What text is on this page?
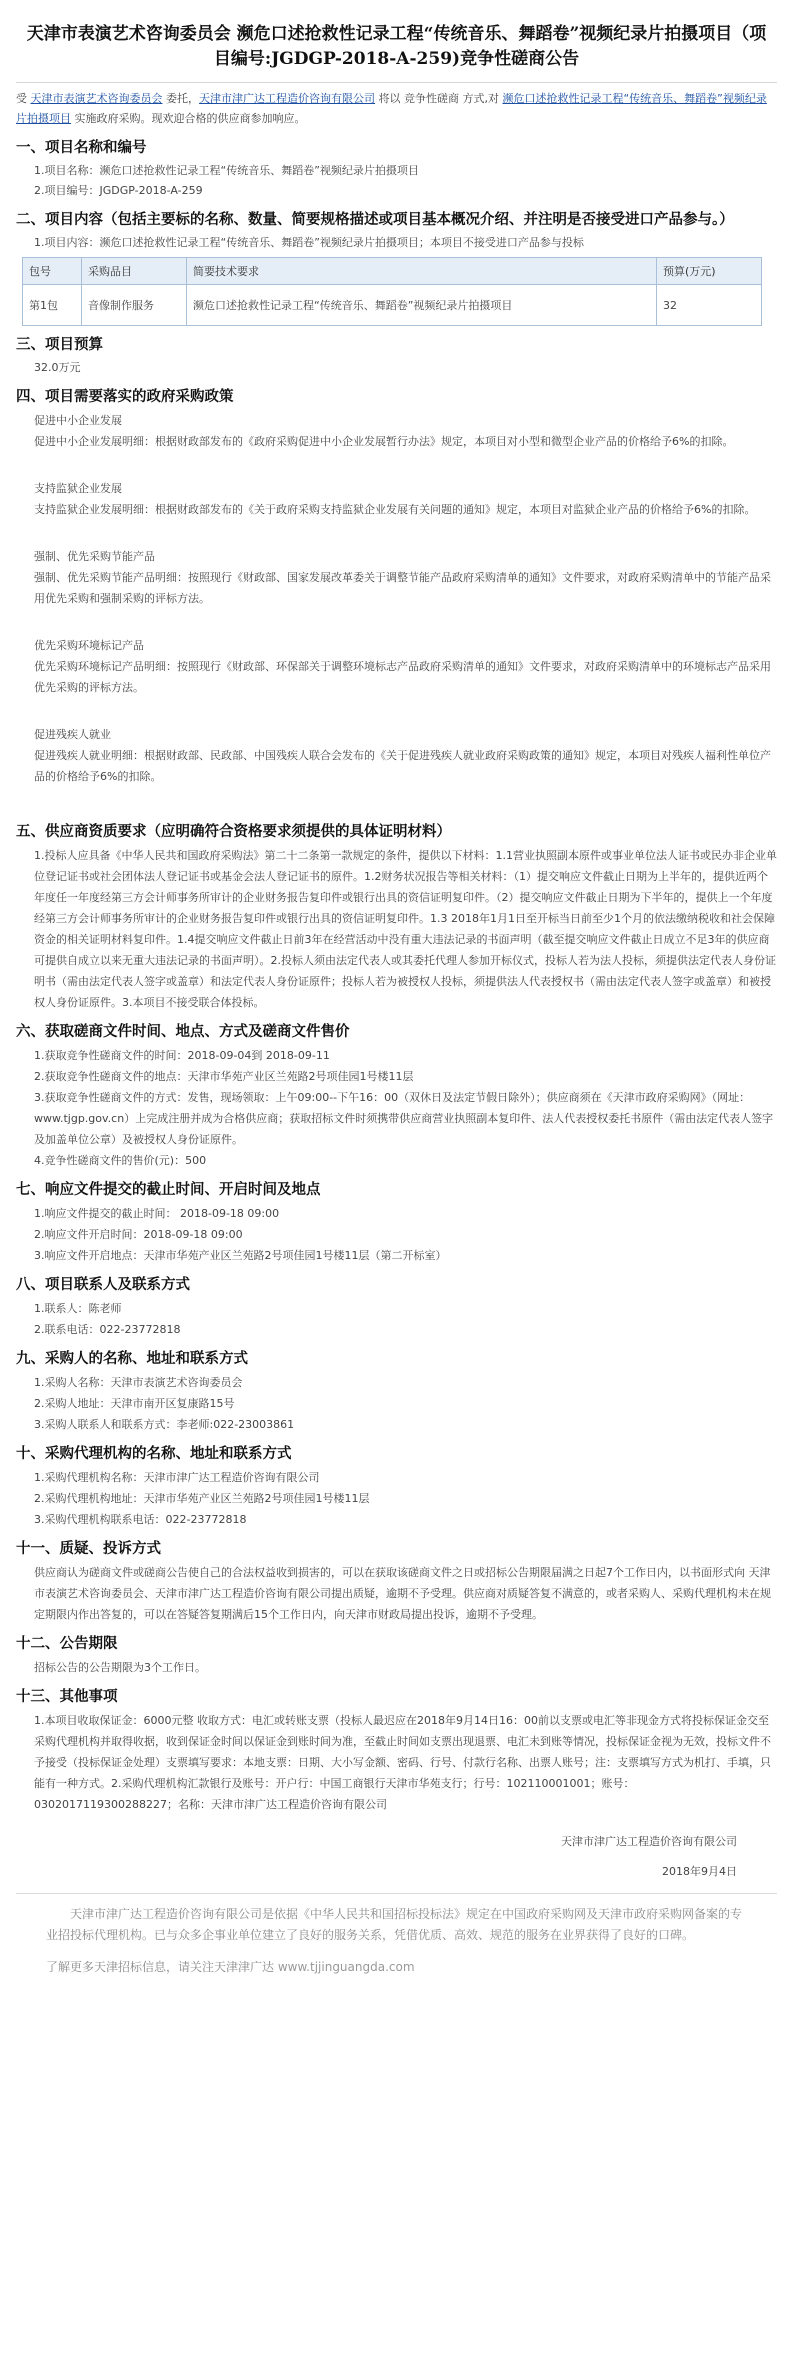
天津市表演艺术咨询委员会 濒危口述抢救性记录工程“传统音乐、舞蹈卷”视频纪录片拍摄项目（项目编号:JGDGP-2018-A-259)竞争性磋商公告

受 天津市表演艺术咨询委员会 委托，天津市津广达工程造价咨询有限公司 将以 竞争性磋商 方式,对 濒危口述抢救性记录工程“传统音乐、舞蹈卷”视频纪录片拍摄项目 实施政府采购。现欢迎合格的供应商参加响应。

一、项目名称和编号

1.项目名称：濒危口述抢救性记录工程“传统音乐、舞蹈卷”视频纪录片拍摄项目

2.项目编号：JGDGP-2018-A-259

二、项目内容（包括主要标的名称、数量、简要规格描述或项目基本概况介绍、并注明是否接受进口产品参与。）

1.项目内容：濒危口述抢救性记录工程“传统音乐、舞蹈卷”视频纪录片拍摄项目；本项目不接受进口产品参与投标

包号	采购品目	简要技术要求	预算(万元)
第1包	音像制作服务	濒危口述抢救性记录工程“传统音乐、舞蹈卷”视频纪录片拍摄项目	32
三、项目预算

32.0万元

四、项目需要落实的政府采购政策

促进中小企业发展

促进中小企业发展明细：根据财政部发布的《政府采购促进中小企业发展暂行办法》规定，本项目对小型和微型企业产品的价格给予6%的扣除。

支持监狱企业发展

支持监狱企业发展明细：根据财政部发布的《关于政府采购支持监狱企业发展有关问题的通知》规定，本项目对监狱企业产品的价格给予6%的扣除。

强制、优先采购节能产品

强制、优先采购节能产品明细：按照现行《财政部、国家发展改革委关于调整节能产品政府采购清单的通知》文件要求，对政府采购清单中的节能产品采用优先采购和强制采购的评标方法。

优先采购环境标记产品

优先采购环境标记产品明细：按照现行《财政部、环保部关于调整环境标志产品政府采购清单的通知》文件要求，对政府采购清单中的环境标志产品采用优先采购的评标方法。

促进残疾人就业

促进残疾人就业明细：根据财政部、民政部、中国残疾人联合会发布的《关于促进残疾人就业政府采购政策的通知》规定，本项目对残疾人福利性单位产品的价格给予6%的扣除。

五、供应商资质要求（应明确符合资格要求须提供的具体证明材料）

1.投标人应具备《中华人民共和国政府采购法》第二十二条第一款规定的条件，提供以下材料：1.1营业执照副本原件或事业单位法人证书或民办非企业单位登记证书或社会团体法人登记证书或基金会法人登记证书的原件。1.2财务状况报告等相关材料：（1）提交响应文件截止日期为上半年的，提供近两个年度任一年度经第三方会计师事务所审计的企业财务报告复印件或银行出具的资信证明复印件。（2）提交响应文件截止日期为下半年的，提供上一个年度经第三方会计师事务所审计的企业财务报告复印件或银行出具的资信证明复印件。1.3 2018年1月1日至开标当日前至少1个月的依法缴纳税收和社会保障资金的相关证明材料复印件。1.4提交响应文件截止日前3年在经营活动中没有重大违法记录的书面声明（截至提交响应文件截止日成立不足3年的供应商可提供自成立以来无重大违法记录的书面声明）。2.投标人须由法定代表人或其委托代理人参加开标仪式，投标人若为法人投标，须提供法定代表人身份证明书（需由法定代表人签字或盖章）和法定代表人身份证原件；投标人若为被授权人投标，须提供法人代表授权书（需由法定代表人签字或盖章）和被授权人身份证原件。3.本项目不接受联合体投标。

六、获取磋商文件时间、地点、方式及磋商文件售价

1.获取竞争性磋商文件的时间：2018-09-04到 2018-09-11

2.获取竞争性磋商文件的地点：天津市华苑产业区兰苑路2号项佳园1号楼11层

3.获取竞争性磋商文件的方式：发售，现场领取：上午09:00--下午16：00（双休日及法定节假日除外）；供应商须在《天津市政府采购网》（网址：www.tjgp.gov.cn）上完成注册并成为合格供应商；获取招标文件时须携带供应商营业执照副本复印件、法人代表授权委托书原件（需由法定代表人签字及加盖单位公章）及被授权人身份证原件。

4.竞争性磋商文件的售价(元)：500

七、响应文件提交的截止时间、开启时间及地点

1.响应文件提交的截止时间： 2018-09-18 09:00

2.响应文件开启时间：2018-09-18 09:00

3.响应文件开启地点：天津市华苑产业区兰苑路2号项佳园1号楼11层（第二开标室）

八、项目联系人及联系方式

1.联系人：陈老师

2.联系电话：022-23772818

九、采购人的名称、地址和联系方式

1.采购人名称：天津市表演艺术咨询委员会

2.采购人地址：天津市南开区复康路15号

3.采购人联系人和联系方式：李老师:022-23003861

十、采购代理机构的名称、地址和联系方式

1.采购代理机构名称：天津市津广达工程造价咨询有限公司

2.采购代理机构地址：天津市华苑产业区兰苑路2号项佳园1号楼11层

3.采购代理机构联系电话：022-23772818

十一、质疑、投诉方式

供应商认为磋商文件或磋商公告使自己的合法权益收到损害的，可以在获取该磋商文件之日或招标公告期限届满之日起7个工作日内，以书面形式向 天津市表演艺术咨询委员会、天津市津广达工程造价咨询有限公司提出质疑，逾期不予受理。供应商对质疑答复不满意的，或者采购人、采购代理机构未在规定期限内作出答复的，可以在答疑答复期满后15个工作日内，向天津市财政局提出投诉，逾期不予受理。

十二、公告期限

招标公告的公告期限为3个工作日。

十三、其他事项

1.本项目收取保证金：6000元整 收取方式：电汇或转账支票（投标人最迟应在2018年9月14日16：00前以支票或电汇等非现金方式将投标保证金交至采购代理机构并取得收据，收到保证金时间以保证金到账时间为准，至截止时间如支票出现退票、电汇未到账等情况，投标保证金视为无效，投标文件不予接受（投标保证金处理）支票填写要求：本地支票：日期、大小写金额、密码、行号、付款行名称、出票人账号；注：支票填写方式为机打、手填，只能有一种方式。2.采购代理机构汇款银行及账号：开户行：中国工商银行天津市华苑支行；行号：102110001001；账号：0302017119300288227；名称：天津市津广达工程造价咨询有限公司

天津市津广达工程造价咨询有限公司
2018年9月4日
天津市津广达工程造价咨询有限公司是依据《中华人民共和国招标投标法》规定在中国政府采购网及天津市政府采购网备案的专业招投标代理机构。已与众多企事业单位建立了良好的服务关系，凭借优质、高效、规范的服务在业界获得了良好的口碑。
了解更多天津招标信息，请关注天津津广达 www.tjjinguangda.com
